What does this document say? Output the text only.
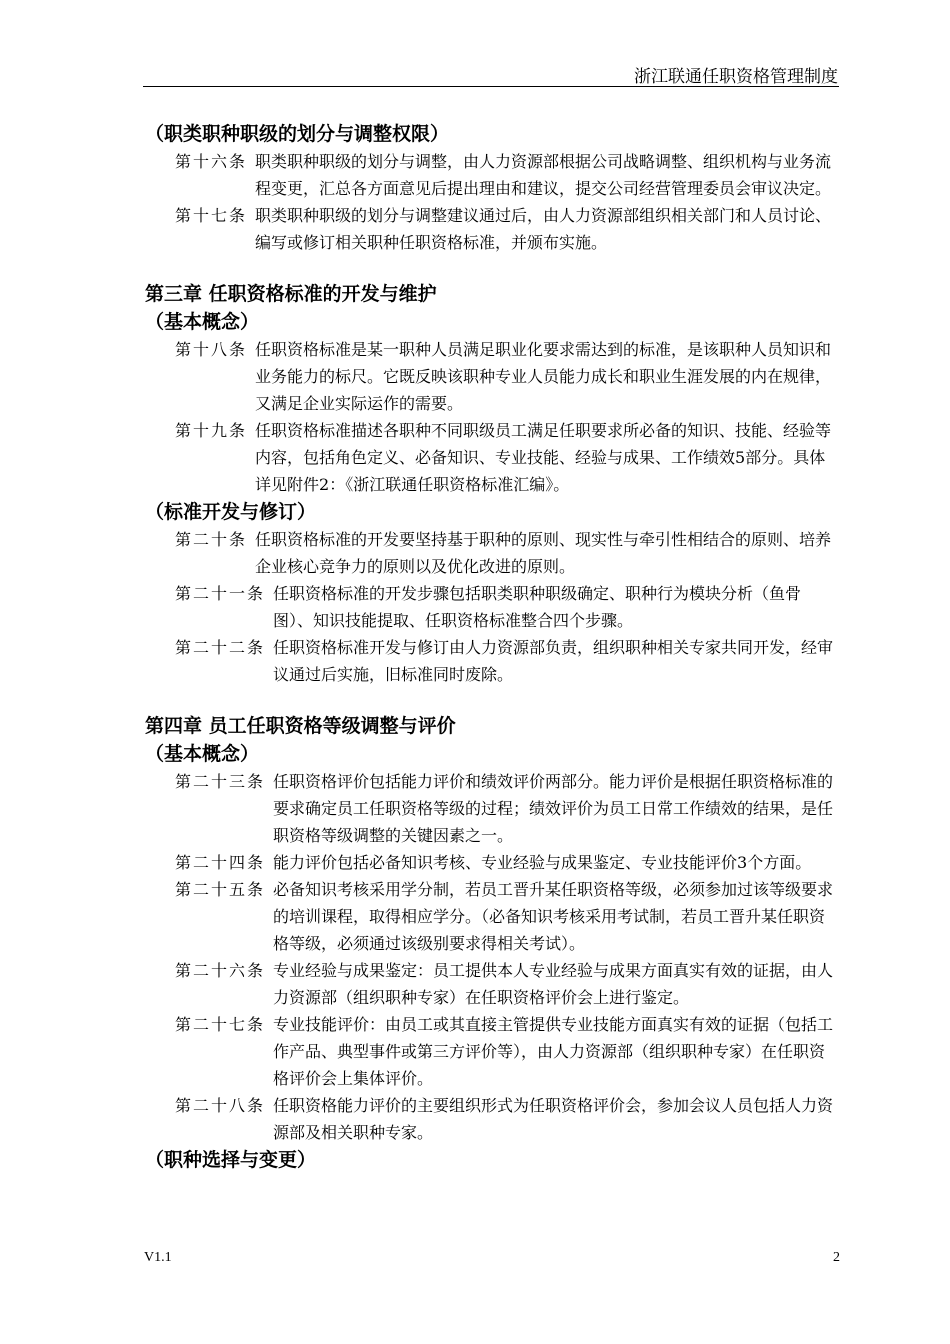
浙江联通任职资格管理制度
（职类职种职级的划分与调整权限）
第十六条 职类职种职级的划分与调整，由人力资源部根据公司战略调整、组织机构与业务流程变更，汇总各方面意见后提出理由和建议，提交公司经营管理委员会审议决定。
第十七条 职类职种职级的划分与调整建议通过后，由人力资源部组织相关部门和人员讨论、编写或修订相关职种任职资格标准，并颁布实施。
第三章 任职资格标准的开发与维护
（基本概念）
第十八条 任职资格标准是某一职种人员满足职业化要求需达到的标准，是该职种人员知识和业务能力的标尺。它既反映该职种专业人员能力成长和职业生涯发展的内在规律，又满足企业实际运作的需要。
第十九条 任职资格标准描述各职种不同职级员工满足任职要求所必备的知识、技能、经验等内容，包括角色定义、必备知识、专业技能、经验与成果、工作绩效5部分。具体详见附件2：《浙江联通任职资格标准汇编》。
（标准开发与修订）
第二十条 任职资格标准的开发要坚持基于职种的原则、现实性与牵引性相结合的原则、培养企业核心竞争力的原则以及优化改进的原则。
第二十一条 任职资格标准的开发步骤包括职类职种职级确定、职种行为模块分析（鱼骨图）、知识技能提取、任职资格标准整合四个步骤。
第二十二条 任职资格标准开发与修订由人力资源部负责，组织职种相关专家共同开发，经审议通过后实施，旧标准同时废除。
第四章 员工任职资格等级调整与评价
（基本概念）
第二十三条 任职资格评价包括能力评价和绩效评价两部分。能力评价是根据任职资格标准的要求确定员工任职资格等级的过程；绩效评价为员工日常工作绩效的结果，是任职资格等级调整的关键因素之一。
第二十四条 能力评价包括必备知识考核、专业经验与成果鉴定、专业技能评价3个方面。
第二十五条 必备知识考核采用学分制，若员工晋升某任职资格等级，必须参加过该等级要求的培训课程，取得相应学分。（必备知识考核采用考试制，若员工晋升某任职资格等级，必须通过该级别要求得相关考试）。
第二十六条 专业经验与成果鉴定：员工提供本人专业经验与成果方面真实有效的证据，由人力资源部（组织职种专家）在任职资格评价会上进行鉴定。
第二十七条 专业技能评价：由员工或其直接主管提供专业技能方面真实有效的证据（包括工作产品、典型事件或第三方评价等），由人力资源部（组织职种专家）在任职资格评价会上集体评价。
第二十八条 任职资格能力评价的主要组织形式为任职资格评价会，参加会议人员包括人力资源部及相关职种专家。
（职种选择与变更）
V1.1	2
